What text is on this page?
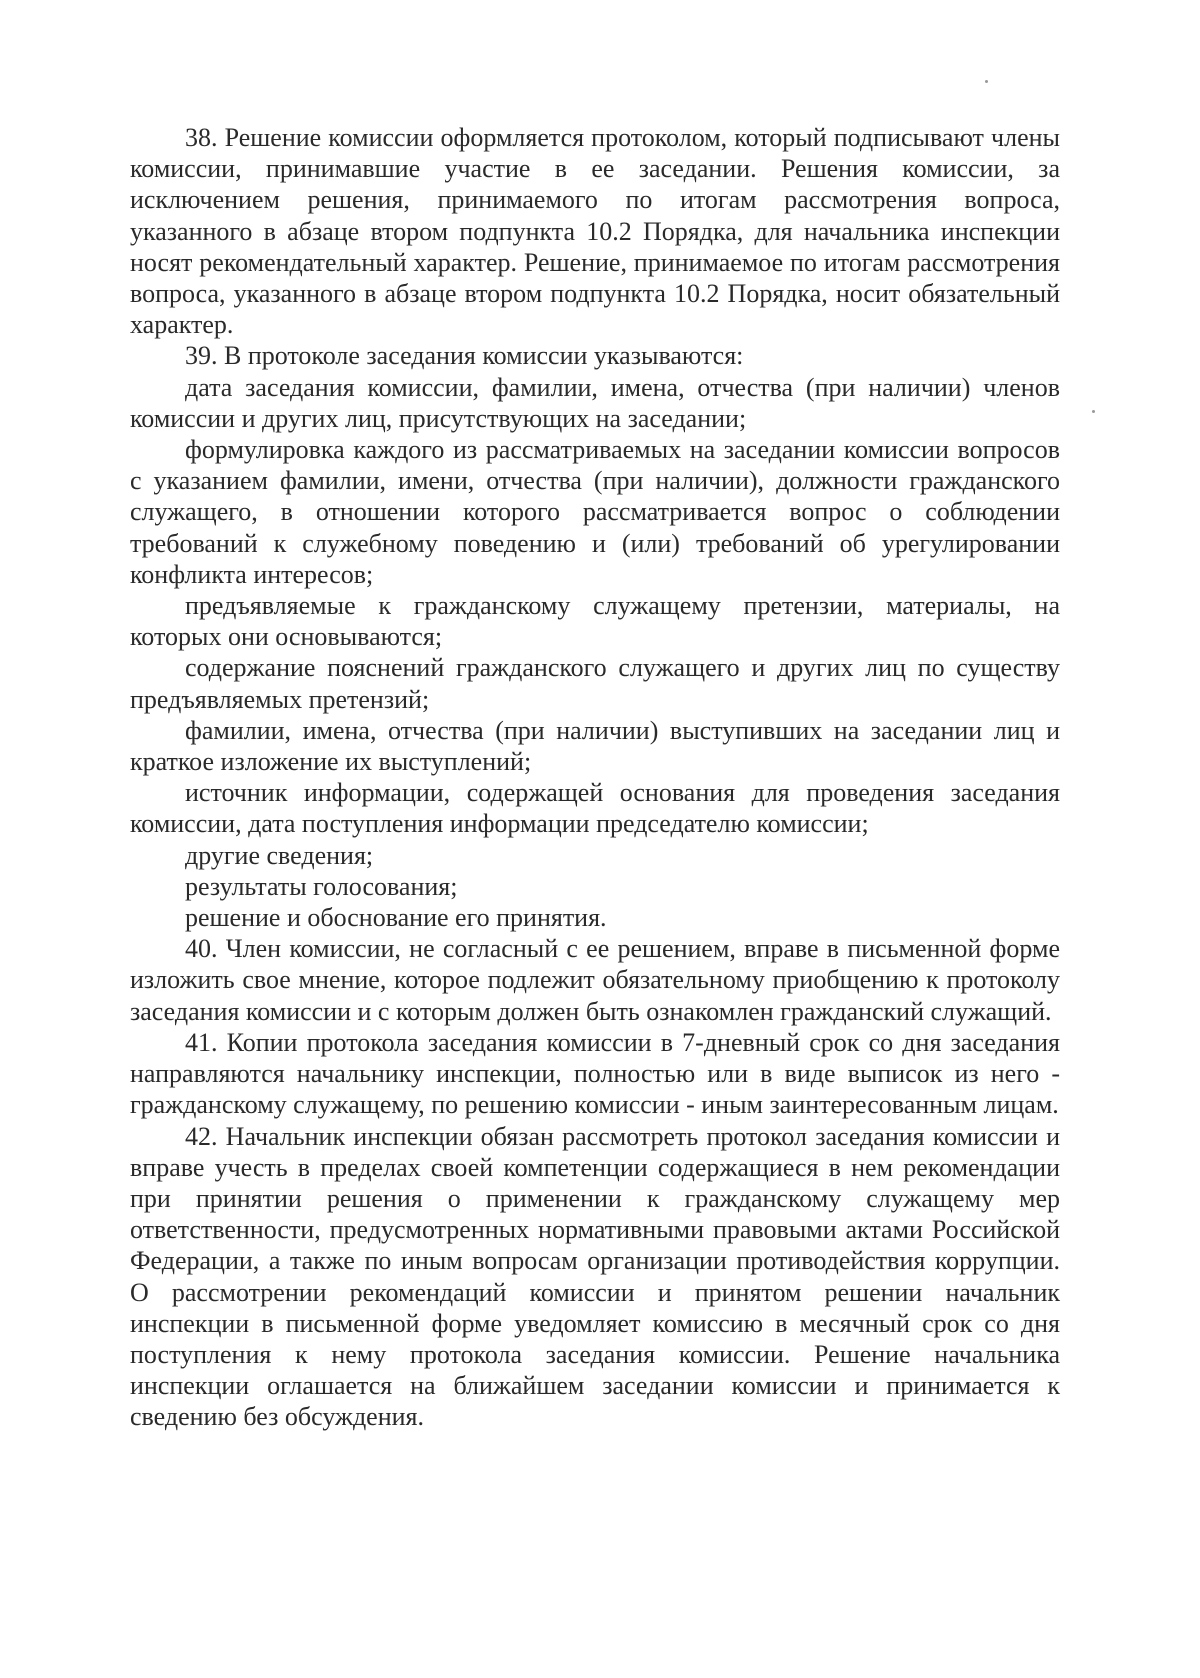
38. Решение комиссии оформляется протоколом, который подписывают члены комиссии, принимавшие участие в ее заседании. Решения комиссии, за исключением решения, принимаемого по итогам рассмотрения вопроса, указанного в абзаце втором подпункта 10.2 Порядка, для начальника инспекции носят рекомендательный характер. Решение, принимаемое по итогам рассмотрения вопроса, указанного в абзаце втором подпункта 10.2 Порядка, носит обязательный характер.

39. В протоколе заседания комиссии указываются:

дата заседания комиссии, фамилии, имена, отчества (при наличии) членов комиссии и других лиц, присутствующих на заседании;

формулировка каждого из рассматриваемых на заседании комиссии вопросов с указанием фамилии, имени, отчества (при наличии), должности гражданского служащего, в отношении которого рассматривается вопрос о соблюдении требований к служебному поведению и (или) требований об урегулировании конфликта интересов;

предъявляемые к гражданскому служащему претензии, материалы, на которых они основываются;

содержание пояснений гражданского служащего и других лиц по существу предъявляемых претензий;

фамилии, имена, отчества (при наличии) выступивших на заседании лиц и краткое изложение их выступлений;

источник информации, содержащей основания для проведения заседания комиссии, дата поступления информации председателю комиссии;

другие сведения;

результаты голосования;

решение и обоснование его принятия.

40. Член комиссии, не согласный с ее решением, вправе в письменной форме изложить свое мнение, которое подлежит обязательному приобщению к протоколу заседания комиссии и с которым должен быть ознакомлен гражданский служащий.

41. Копии протокола заседания комиссии в 7-дневный срок со дня заседания направляются начальнику инспекции, полностью или в виде выписок из него - гражданскому служащему, по решению комиссии - иным заинтересованным лицам.

42. Начальник инспекции обязан рассмотреть протокол заседания комиссии и вправе учесть в пределах своей компетенции содержащиеся в нем рекомендации при принятии решения о применении к гражданскому служащему мер ответственности, предусмотренных нормативными правовыми актами Российской Федерации, а также по иным вопросам организации противодействия коррупции. О рассмотрении рекомендаций комиссии и принятом решении начальник инспекции в письменной форме уведомляет комиссию в месячный срок со дня поступления к нему протокола заседания комиссии. Решение начальника инспекции оглашается на ближайшем заседании комиссии и принимается к сведению без обсуждения.
